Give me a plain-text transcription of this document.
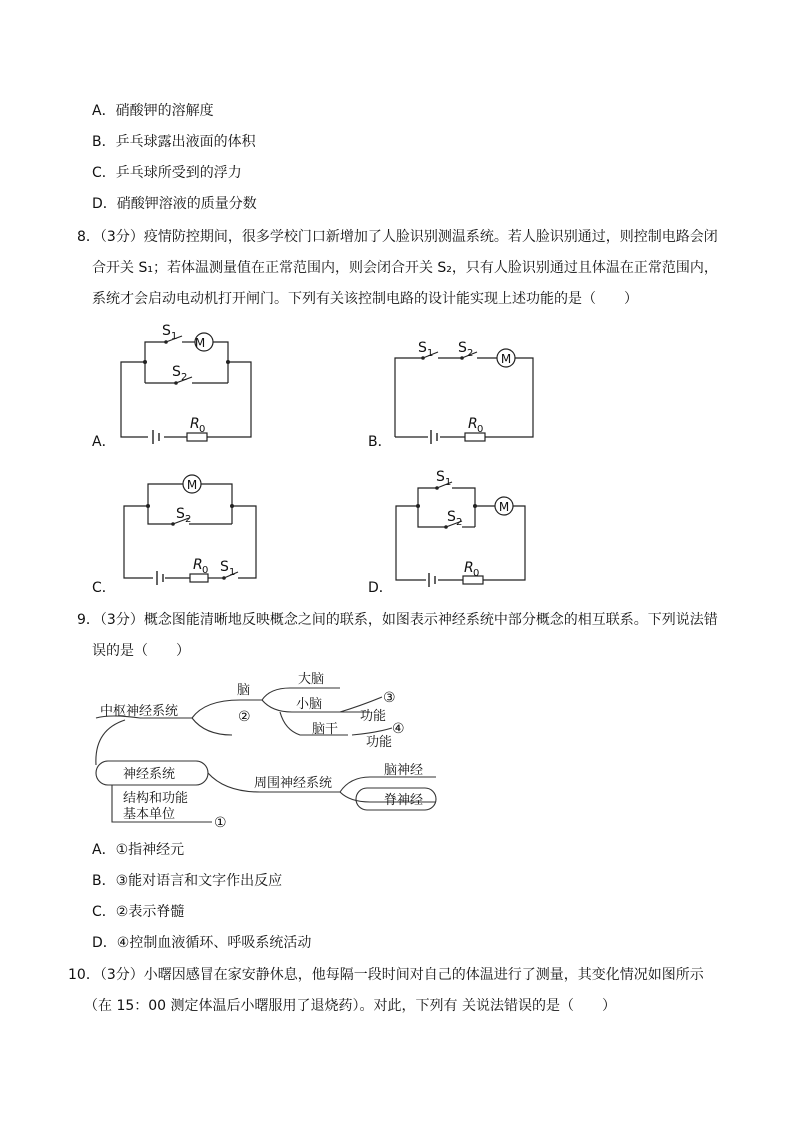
A．硝酸钾的溶解度
B．乒乓球露出液面的体积
C．乒乓球所受到的浮力
D．硝酸钾溶液的质量分数
8．（3分）疫情防控期间，很多学校门口新增加了人脸识别测温系统。若人脸识别通过，则控制电路会闭
合开关 S₁；若体温测量值在正常范围内，则会闭合开关 S₂，只有人脸识别通过且体温在正常范围内，
系统才会启动电动机打开闸门。下列有关该控制电路的设计能实现上述功能的是（　　）
S 1 M
S 2
R 0
S 1 S 2 M
R 0
M
S 2
R 0 S 1
S 1
S 2
M
R 0
A．	B．
C．	D．
9．（3分）概念图能清晰地反映概念之间的联系，如图表示神经系统中部分概念的相互联系。下列说法错
误的是（　　）
中枢神经系统
脑
大脑
小脑
脑干
功能
功能
神经系统
周围神经系统
脑神经
脊神经
结构和功能
基本单位
②
③
④
①
A．①指神经元
B．③能对语言和文字作出反应
C．②表示脊髓
D．④控制血液循环、呼吸系统活动
10．（3分）小曙因感冒在家安静休息，他每隔一段时间对自己的体温进行了测量，其变化情况如图所示
（在 15：00 测定体温后小曙服用了退烧药）。对此，下列有 关说法错误的是（　　）
